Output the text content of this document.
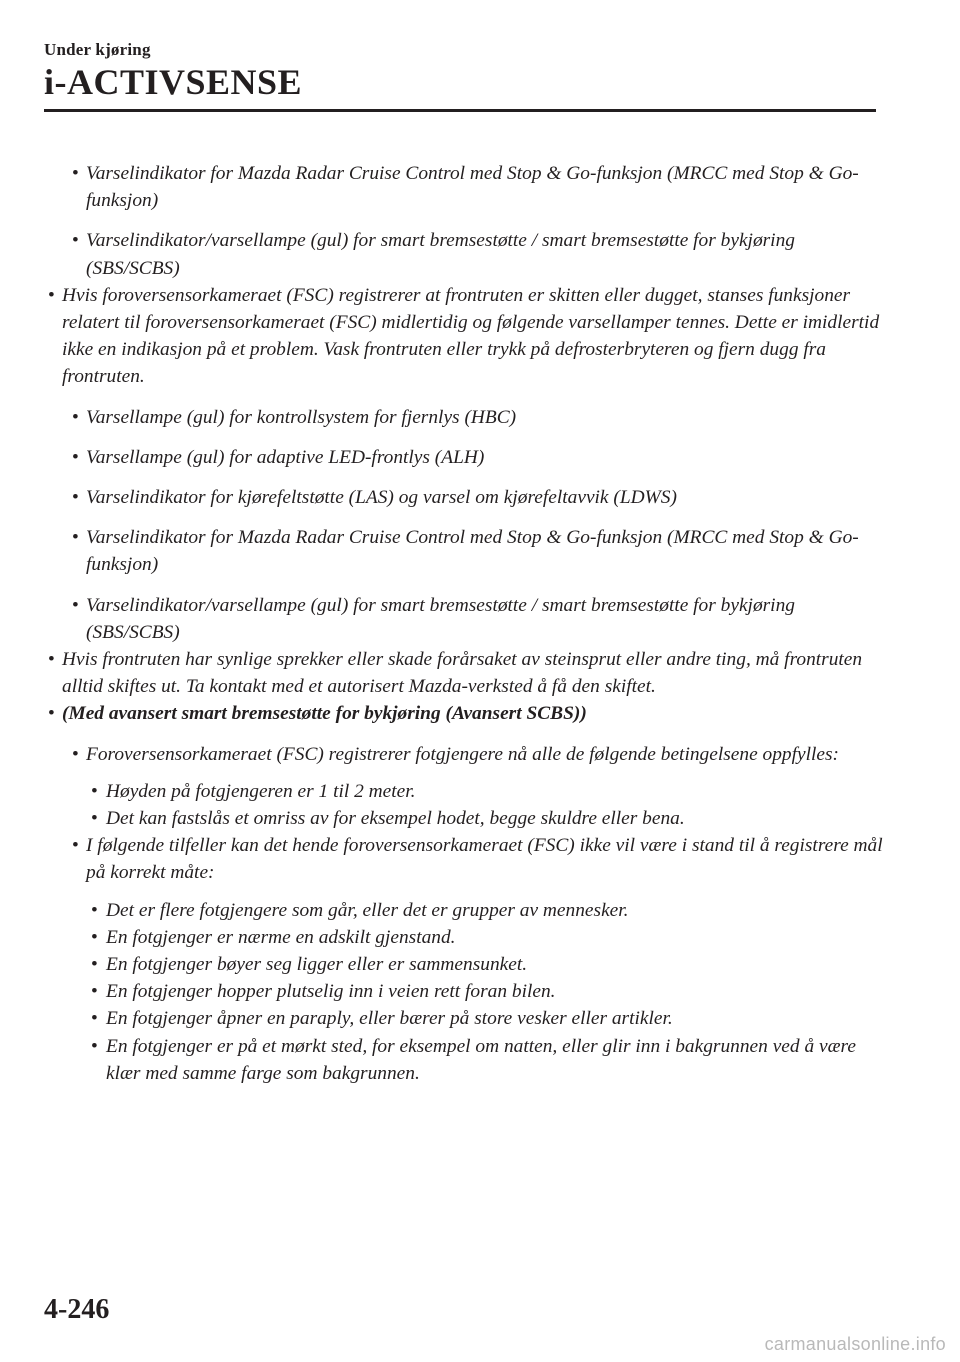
Under kjøring
i-ACTIVSENSE
• Varselindikator for Mazda Radar Cruise Control med Stop & Go-funksjon (MRCC med Stop & Go-funksjon)
• Varselindikator/varsellampe (gul) for smart bremsestøtte / smart bremsestøtte for bykjøring (SBS/SCBS)
• Hvis foroversensorkameraet (FSC) registrerer at frontruten er skitten eller dugget, stanses funksjoner relatert til foroversensorkameraet (FSC) midlertidig og følgende varsellamper tennes. Dette er imidlertid ikke en indikasjon på et problem. Vask frontruten eller trykk på defrosterbryteren og fjern dugg fra frontruten.
• Varsellampe (gul) for kontrollsystem for fjernlys (HBC)
• Varsellampe (gul) for adaptive LED-frontlys (ALH)
• Varselindikator for kjørefeltstøtte (LAS) og varsel om kjørefeltavvik (LDWS)
• Varselindikator for Mazda Radar Cruise Control med Stop & Go-funksjon (MRCC med Stop & Go-funksjon)
• Varselindikator/varsellampe (gul) for smart bremsestøtte / smart bremsestøtte for bykjøring (SBS/SCBS)
• Hvis frontruten har synlige sprekker eller skade forårsaket av steinsprut eller andre ting, må frontruten alltid skiftes ut. Ta kontakt med et autorisert Mazda-verksted å få den skiftet.
• (Med avansert smart bremsestøtte for bykjøring (Avansert SCBS))
• Foroversensorkameraet (FSC) registrerer fotgjengere nå alle de følgende betingelsene oppfylles:
• Høyden på fotgjengeren er 1 til 2 meter.
• Det kan fastslås et omriss av for eksempel hodet, begge skuldre eller bena.
• I følgende tilfeller kan det hende foroversensorkameraet (FSC) ikke vil være i stand til å registrere mål på korrekt måte:
• Det er flere fotgjengere som går, eller det er grupper av mennesker.
• En fotgjenger er nærme en adskilt gjenstand.
• En fotgjenger bøyer seg ligger eller er sammensunket.
• En fotgjenger hopper plutselig inn i veien rett foran bilen.
• En fotgjenger åpner en paraply, eller bærer på store vesker eller artikler.
• En fotgjenger er på et mørkt sted, for eksempel om natten, eller glir inn i bakgrunnen ved å være klær med samme farge som bakgrunnen.
4-246
carmanualsonline.info
